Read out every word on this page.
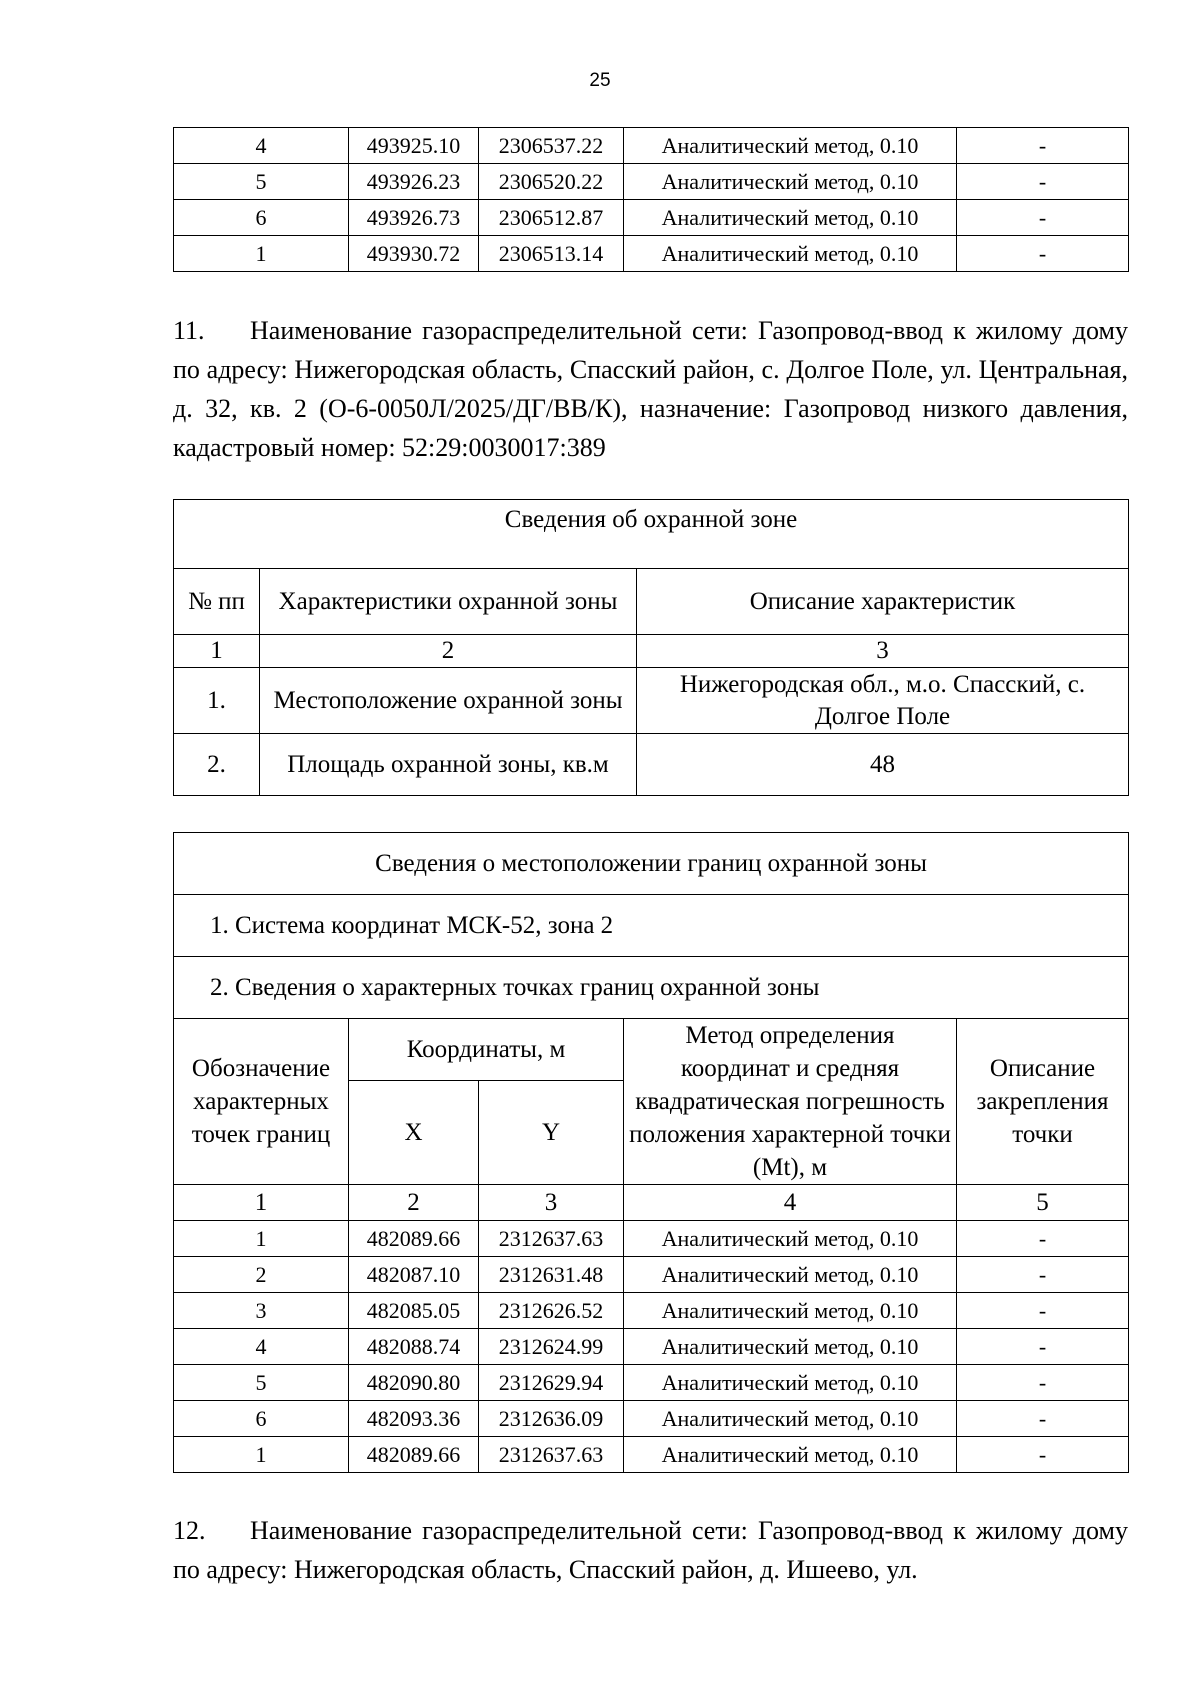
25
4	493925.10	2306537.22	Аналитический метод, 0.10	-
5	493926.23	2306520.22	Аналитический метод, 0.10	-
6	493926.73	2306512.87	Аналитический метод, 0.10	-
1	493930.72	2306513.14	Аналитический метод, 0.10	-

11. Наименование газораспределительной сети: Газопровод-ввод к жилому дому по адресу: Нижегородская область, Спасский район, с. Долгое Поле, ул. Центральная, д. 32, кв. 2 (О-6-0050Л/2025/ДГ/ВВ/К), назначение: Газопровод низкого давления, кадастровый номер: 52:29:0030017:389

Сведения об охранной зоне		
№ пп	Характеристики охранной зоны	Описание характеристик
1	2	3
1.	Местоположение охранной зоны	Нижегородская обл., м.о. Спасский, с. Долгое Поле
2.	Площадь охранной зоны, кв.м	48
Сведения о местоположении границ охранной зоны				
1. Система координат МСК-52, зона 2				
2. Сведения о характерных точках границ охранной зоны				
Обозначение характерных точек границ	Координаты, м		Метод определения координат и средняя квадратическая погрешность положения характерной точки (Mt), м	Описание закрепления точки
	X	Y		
1	2	3	4	5
1	482089.66	2312637.63	Аналитический метод, 0.10	-
2	482087.10	2312631.48	Аналитический метод, 0.10	-
3	482085.05	2312626.52	Аналитический метод, 0.10	-
4	482088.74	2312624.99	Аналитический метод, 0.10	-
5	482090.80	2312629.94	Аналитический метод, 0.10	-
6	482093.36	2312636.09	Аналитический метод, 0.10	-
1	482089.66	2312637.63	Аналитический метод, 0.10	-

12. Наименование газораспределительной сети: Газопровод-ввод к жилому дому по адресу: Нижегородская область, Спасский район, д. Ишеево, ул.
